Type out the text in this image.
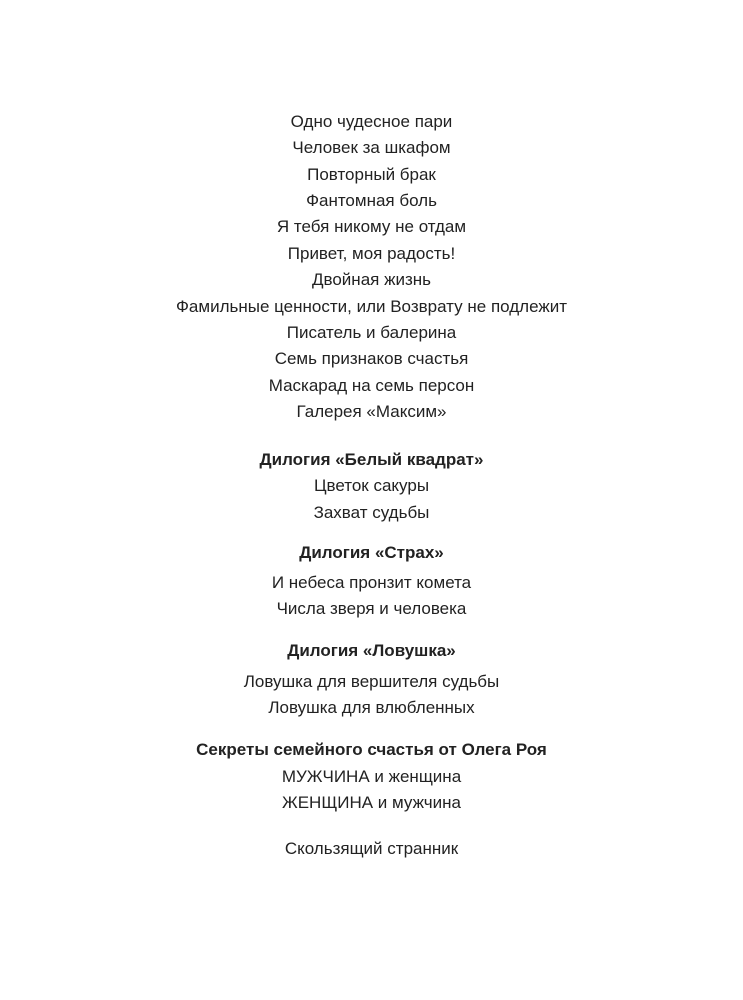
Одно чудесное пари
Человек за шкафом
Повторный брак
Фантомная боль
Я тебя никому не отдам
Привет, моя радость!
Двойная жизнь
Фамильные ценности, или Возврату не подлежит
Писатель и балерина
Семь признаков счастья
Маскарад на семь персон
Галерея «Максим»
Дилогия «Белый квадрат»
Цветок сакуры
Захват судьбы
Дилогия «Страх»
И небеса пронзит комета
Числа зверя и человека
Дилогия «Ловушка»
Ловушка для вершителя судьбы
Ловушка для влюбленных
Секреты семейного счастья от Олега Роя
МУЖЧИНА и женщина
ЖЕНЩИНА и мужчина
Скользящий странник
